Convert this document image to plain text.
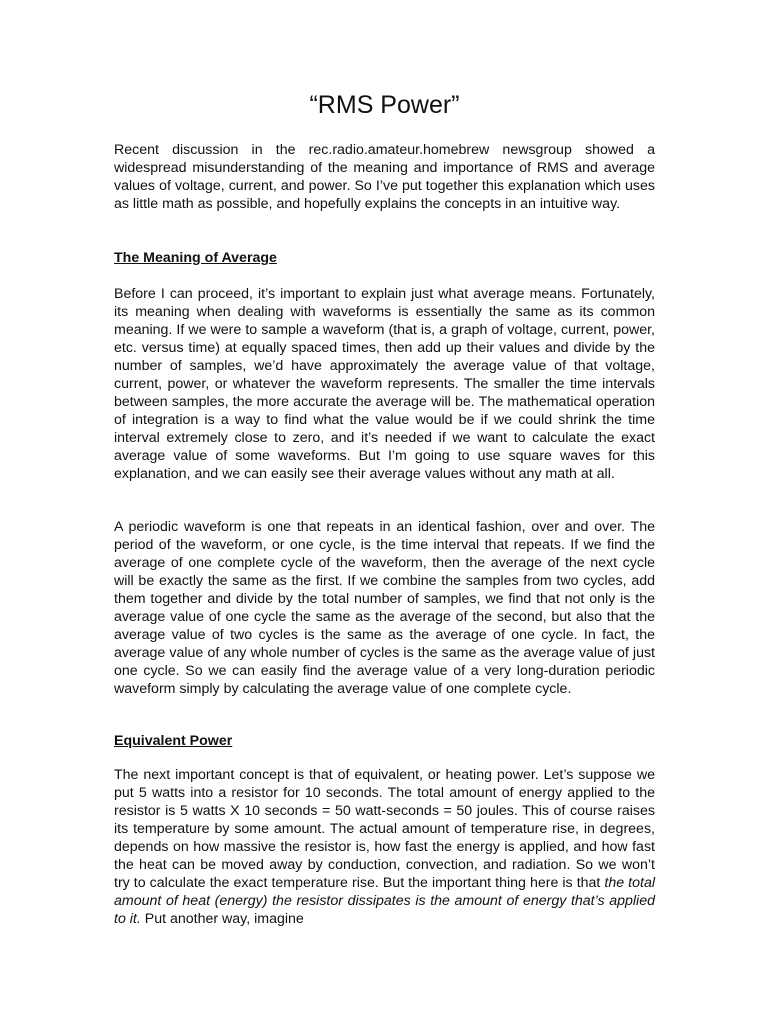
“RMS Power”

Recent discussion in the rec.radio.amateur.homebrew newsgroup showed a widespread misunderstanding of the meaning and importance of RMS and average values of voltage, current, and power. So I’ve put together this explanation which uses as little math as possible, and hopefully explains the concepts in an intuitive way.

The Meaning of Average

Before I can proceed, it’s important to explain just what average means. Fortunately, its meaning when dealing with waveforms is essentially the same as its common meaning. If we were to sample a waveform (that is, a graph of voltage, current, power, etc. versus time) at equally spaced times, then add up their values and divide by the number of samples, we’d have approximately the average value of that voltage, current, power, or whatever the waveform represents. The smaller the time intervals between samples, the more accurate the average will be. The mathematical operation of integration is a way to find what the value would be if we could shrink the time interval extremely close to zero, and it’s needed if we want to calculate the exact average value of some waveforms. But I’m going to use square waves for this explanation, and we can easily see their average values without any math at all.

A periodic waveform is one that repeats in an identical fashion, over and over. The period of the waveform, or one cycle, is the time interval that repeats. If we find the average of one complete cycle of the waveform, then the average of the next cycle will be exactly the same as the first. If we combine the samples from two cycles, add them together and divide by the total number of samples, we find that not only is the average value of one cycle the same as the average of the second, but also that the average value of two cycles is the same as the average of one cycle. In fact, the average value of any whole number of cycles is the same as the average value of just one cycle. So we can easily find the average value of a very long-duration periodic waveform simply by calculating the average value of one complete cycle.

Equivalent Power

The next important concept is that of equivalent, or heating power. Let’s suppose we put 5 watts into a resistor for 10 seconds. The total amount of energy applied to the resistor is 5 watts X 10 seconds = 50 watt-seconds = 50 joules. This of course raises its temperature by some amount. The actual amount of temperature rise, in degrees, depends on how massive the resistor is, how fast the energy is applied, and how fast the heat can be moved away by conduction, convection, and radiation. So we won’t try to calculate the exact temperature rise. But the important thing here is that the total amount of heat (energy) the resistor dissipates is the amount of energy that’s applied to it. Put another way, imagine
